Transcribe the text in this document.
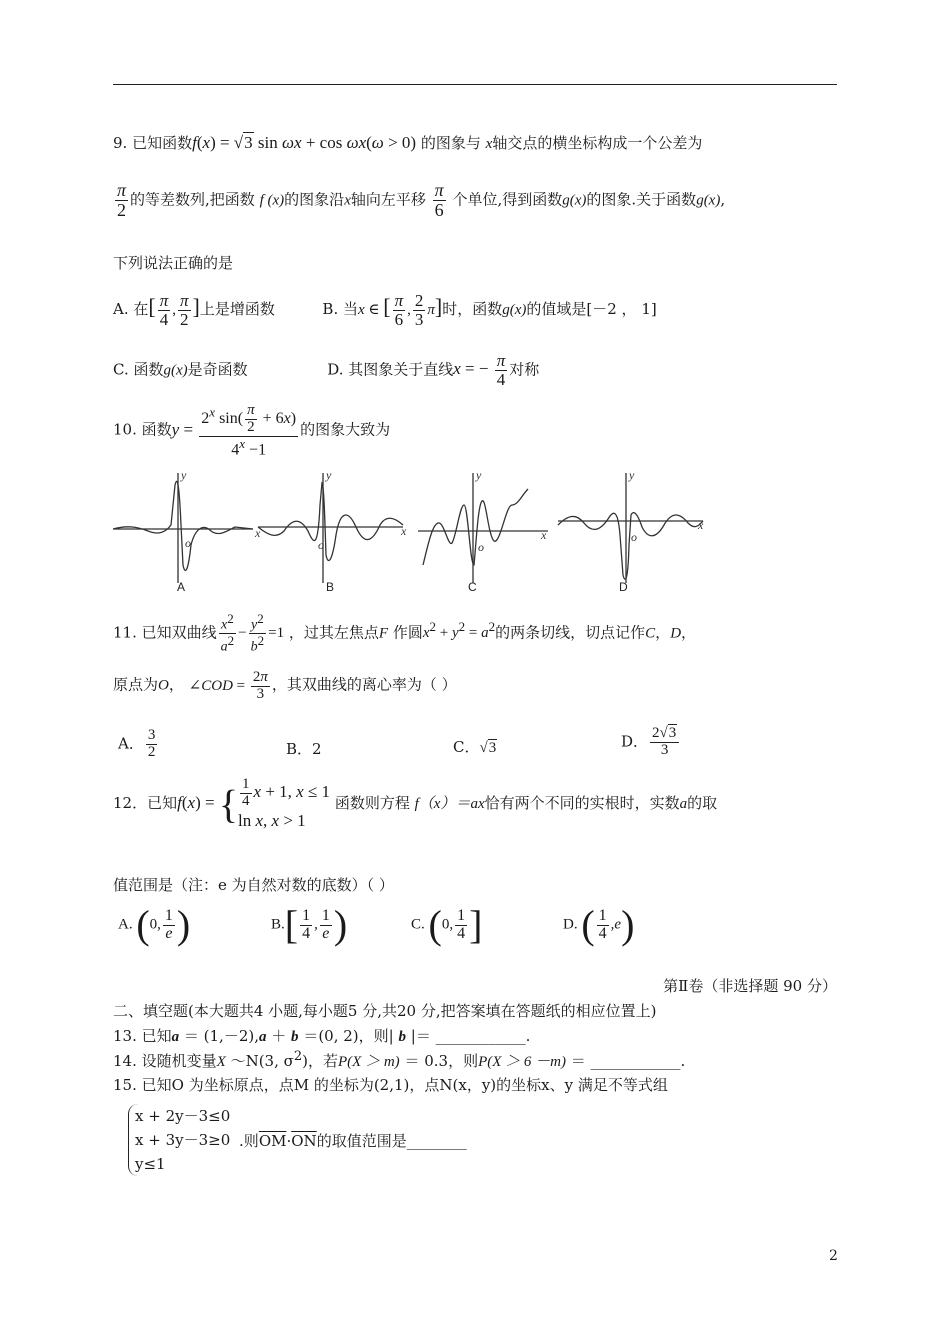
9. 已知函数f(x) = √3 sin ωx + cos ωx(ω > 0) 的图象与 x轴交点的横坐标构成一个公差为
$\frac{\pi}{2}$ 的等差数列,把函数 f (x)的图象沿x轴向左平移 $\frac{\pi}{6}$ 个单位,得到函数g(x)的图象.关于函数g(x),
下列说法正确的是
A. 在[ $\frac{\pi}{4}$ , $\frac{\pi}{2}$ ]上是增函数	B. 当x ∈ [ $\frac{\pi}{6}$ , $\frac{2}{3} \pi$]时，函数g(x)的值域是[－2 ， 1]
C. 函数g(x)是奇函数	D. 其图象关于直线x = − $\frac{\pi}{4}$ 对称
10. 函数$y = \frac{2^x \sin( \frac{\pi}{2} + 6x)}{4^x -1}$ 的图象大致为
y
x
o
y
x
o
y
x
o
y
x
o
A	B	C	D
11. 已知双曲线 $\frac{x^2}{a^2} - \frac{y^2}{b^2} =1$ ，过其左焦点F 作圆$x^2 + y^2 = a^2$的两条切线，切点记作C，D，
原点为O， ∠COD = $\frac{2\pi}{3}$ ，其双曲线的离心率为（ ）
A． $\frac{3}{2}$	B．2	C．√3	D． $\frac{2√3}{3}$
12．已知f(x) = { $\frac{1}{4}$ x + 1, x ≤ 1
ln x, x > 1
函数则方程 f（x）＝ax恰有两个不同的实根时，实数a的取
值范围是（注：e 为自然对数的底数）（ ）
A. (0, $\frac{1}{e}$ )	$B.[ \frac{1}{4}$ , $\frac{1}{e}$ )	C. (0, $\frac{1}{4}$ ]	D. ( $\frac{1}{4} ,e$)
第Ⅱ卷（非选择题 90 分）
二、填空题(本大题共4 小题,每小题5 分,共20 分,把答案填在答题纸的相应位置上)
13. 已知a ＝ (1,－2),a ＋ b ＝(0, 2)，则| b |＝ ____________.
14. 设随机变量X ～N(3, $\sigma^2$)，若P(X ＞ m) ＝ 0.3，则P(X ＞ 6 －m) ＝ ____________.
15. 已知O 为坐标原点，点M 的坐标为(2,1)，点N(x，y)的坐标x、y 满足不等式组
x + 2y－3≤0
x + 3y－3≥0
y≤1
.则$\overline{OM}\cdot\overline{ON}$的取值范围是________
2
